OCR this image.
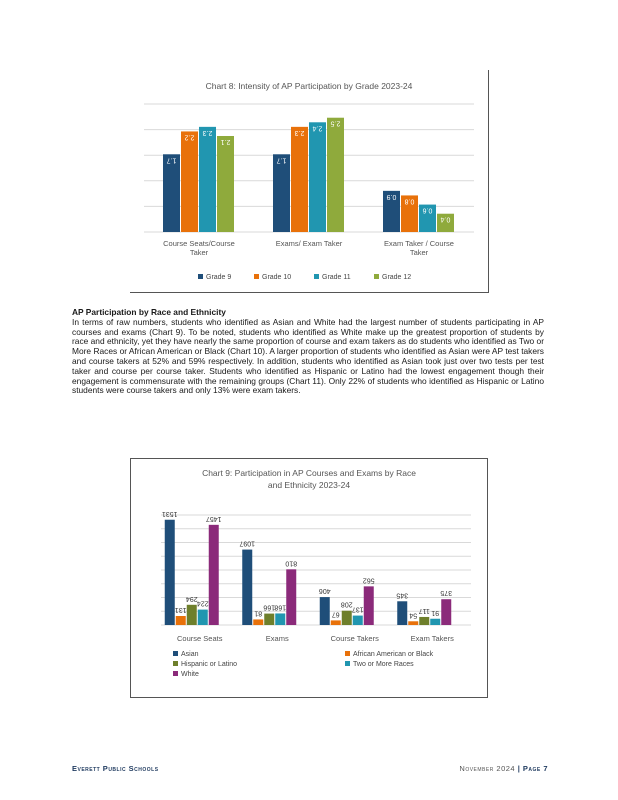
Chart 8: Intensity of AP Participation by Grade 2023-24
1.7
2.2
2.3
2.1
Course Seats/Course
Taker
1.7
2.3
2.4
2.5
Exams/ Exam Taker
0.9
0.8
0.6
0.4
Exam Taker / Course
Taker
Grade 9	Grade 10	Grade 11	Grade 12
AP Participation by Race and Ethnicity
In terms of raw numbers, students who identified as Asian and White had the largest number of students participating in AP courses and exams (Chart 9). To be noted, students who identified as White make up the greatest proportion of students by race and ethnicity, yet they have nearly the same proportion of course and exam takers as do students who identified as Two or More Races or African American or Black (Chart 10). A larger proportion of students who identified as Asian were AP test takers and course takers at 52% and 59% respectively. In addition, students who identified as Asian took just over two tests per test taker and course per course taker. Students who identified as Hispanic or Latino had the lowest engagement though their engagement is commensurate with the remaining groups (Chart 11). Only 22% of students who identified as Hispanic or Latino students were course takers and only 13% were exam takers.
Chart 9: Participation in AP Courses and Exams by Race
and Ethnicity 2023-24
1531
131
294
224
1457
Course Seats
1097
81
166 168
810
Exams
406
67
208
137
562
Course Takers
345
54
117 91
375
Exam Takers
Asian	African American or Black
Hispanic or Latino	Two or More Races
White
Everett Public Schools	November 2024 | Page 7
